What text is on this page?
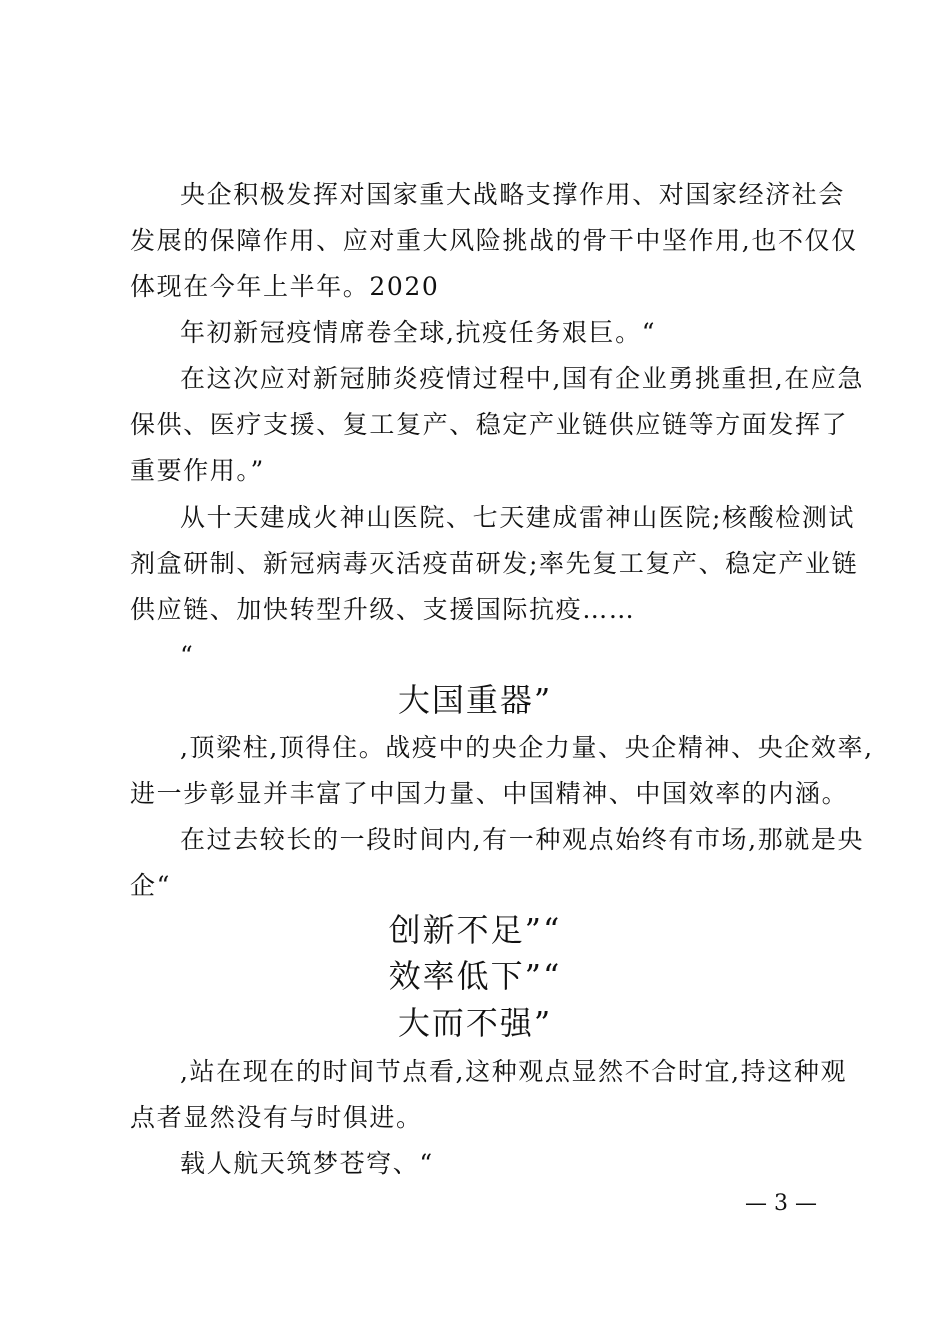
央企积极发挥对国家重大战略支撑作用、对国家经济社会
发展的保障作用、应对重大风险挑战的骨干中坚作用,也不仅仅
体现在今年上半年。2020
年初新冠疫情席卷全球,抗疫任务艰巨。“
在这次应对新冠肺炎疫情过程中,国有企业勇挑重担,在应急
保供、医疗支援、复工复产、稳定产业链供应链等方面发挥了
重要作用。”
从十天建成火神山医院、七天建成雷神山医院;核酸检测试
剂盒研制、新冠病毒灭活疫苗研发;率先复工复产、稳定产业链
供应链、加快转型升级、支援国际抗疫……
“
大国重器”
,顶梁柱,顶得住。战疫中的央企力量、央企精神、央企效率,
进一步彰显并丰富了中国力量、中国精神、中国效率的内涵。
在过去较长的一段时间内,有一种观点始终有市场,那就是央
企“
创新不足”“
效率低下”“
大而不强”
,站在现在的时间节点看,这种观点显然不合时宜,持这种观
点者显然没有与时俱进。
载人航天筑梦苍穹、“
— 3 —
